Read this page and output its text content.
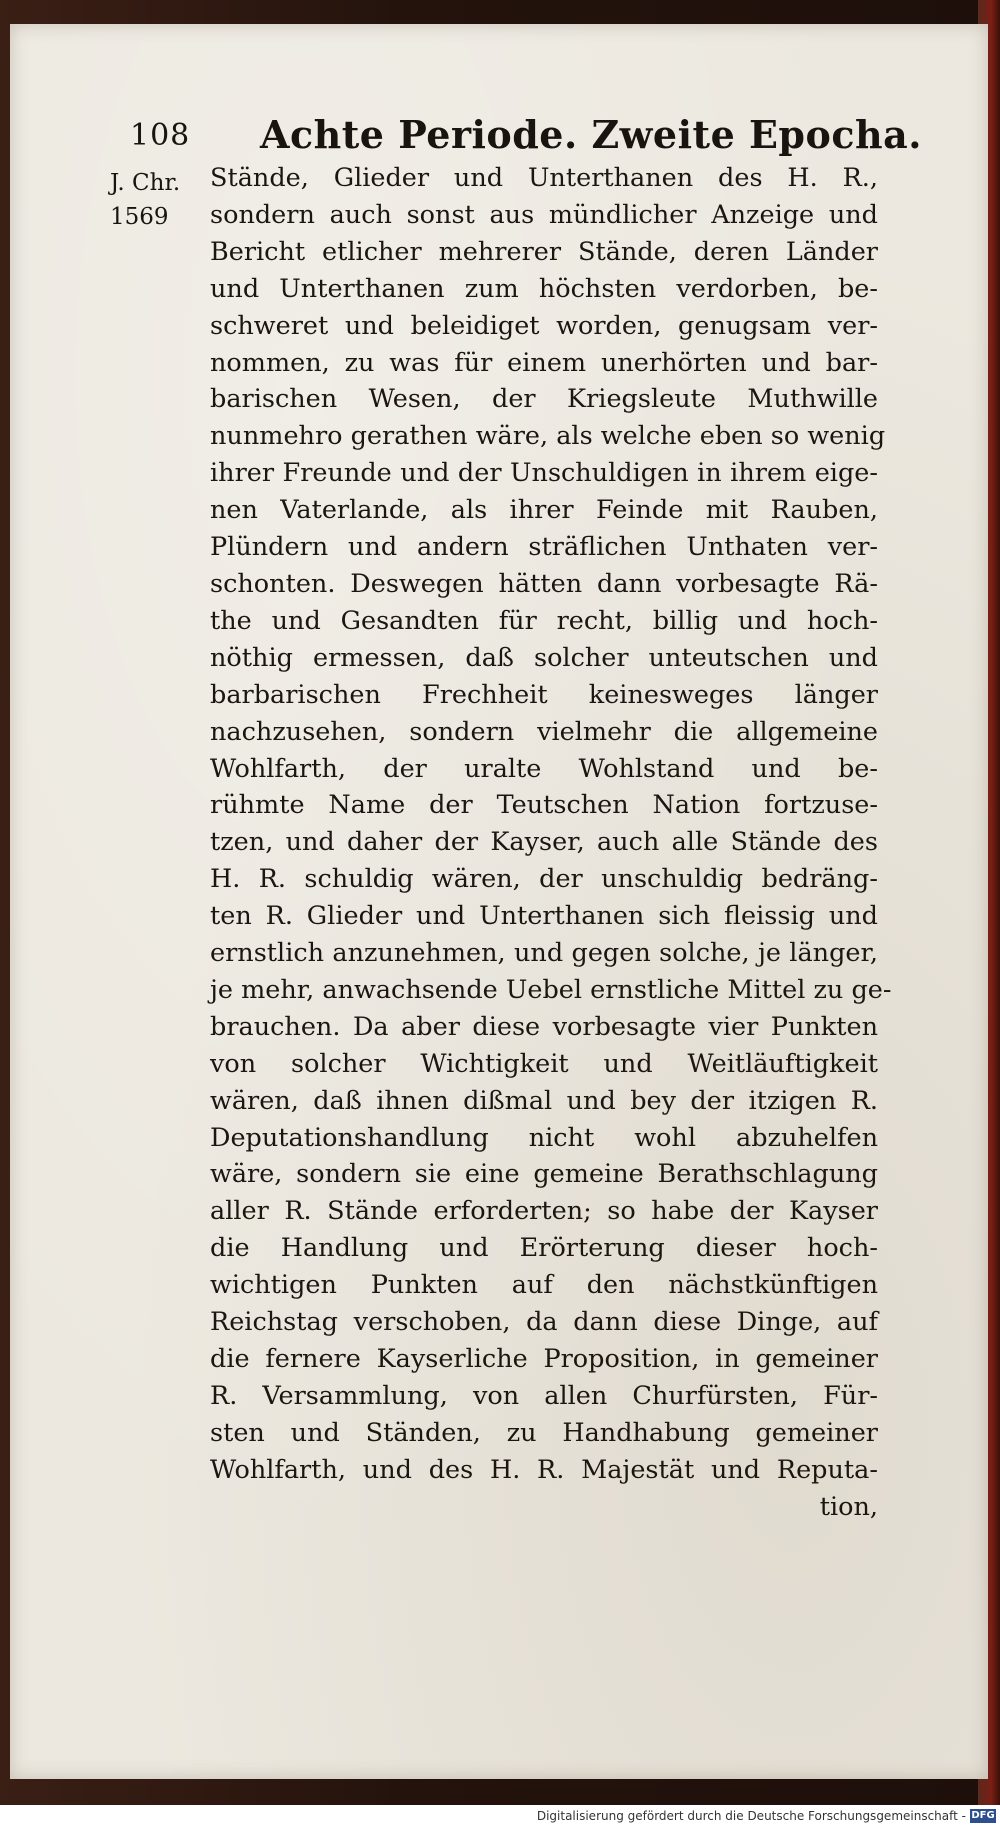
108 Achte Periode. Zweite Epocha.
J. Chr.
1569
Stände, Glieder und Unterthanen des H. R.,
sondern auch sonst aus mündlicher Anzeige und
Bericht etlicher mehrerer Stände, deren Länder
und Unterthanen zum höchsten verdorben, be-
schweret und beleidiget worden, genugsam ver-
nommen, zu was für einem unerhörten und bar-
barischen Wesen, der Kriegsleute Muthwille
nunmehro gerathen wäre, als welche eben so wenig
ihrer Freunde und der Unschuldigen in ihrem eige-
nen Vaterlande, als ihrer Feinde mit Rauben,
Plündern und andern sträflichen Unthaten ver-
schonten. Deswegen hätten dann vorbesagte Rä-
the und Gesandten für recht, billig und hoch-
nöthig ermessen, daß solcher unteutschen und
barbarischen Frechheit keinesweges länger
nachzusehen, sondern vielmehr die allgemeine
Wohlfarth, der uralte Wohlstand und be-
rühmte Name der Teutschen Nation fortzuse-
tzen, und daher der Kayser, auch alle Stände des
H. R. schuldig wären, der unschuldig bedräng-
ten R. Glieder und Unterthanen sich fleissig und
ernstlich anzunehmen, und gegen solche, je länger,
je mehr, anwachsende Uebel ernstliche Mittel zu ge-
brauchen. Da aber diese vorbesagte vier Punkten
von solcher Wichtigkeit und Weitläuftigkeit
wären, daß ihnen dißmal und bey der itzigen R.
Deputationshandlung nicht wohl abzuhelfen
wäre, sondern sie eine gemeine Berathschlagung
aller R. Stände erforderten; so habe der Kayser
die Handlung und Erörterung dieser hoch-
wichtigen Punkten auf den nächstkünftigen
Reichstag verschoben, da dann diese Dinge, auf
die fernere Kayserliche Proposition, in gemeiner
R. Versammlung, von allen Churfürsten, Für-
sten und Ständen, zu Handhabung gemeiner
Wohlfarth, und des H. R. Majestät und Reputa-
tion,
Digitalisierung gefördert durch die Deutsche Forschungsgemeinschaft - DFG
